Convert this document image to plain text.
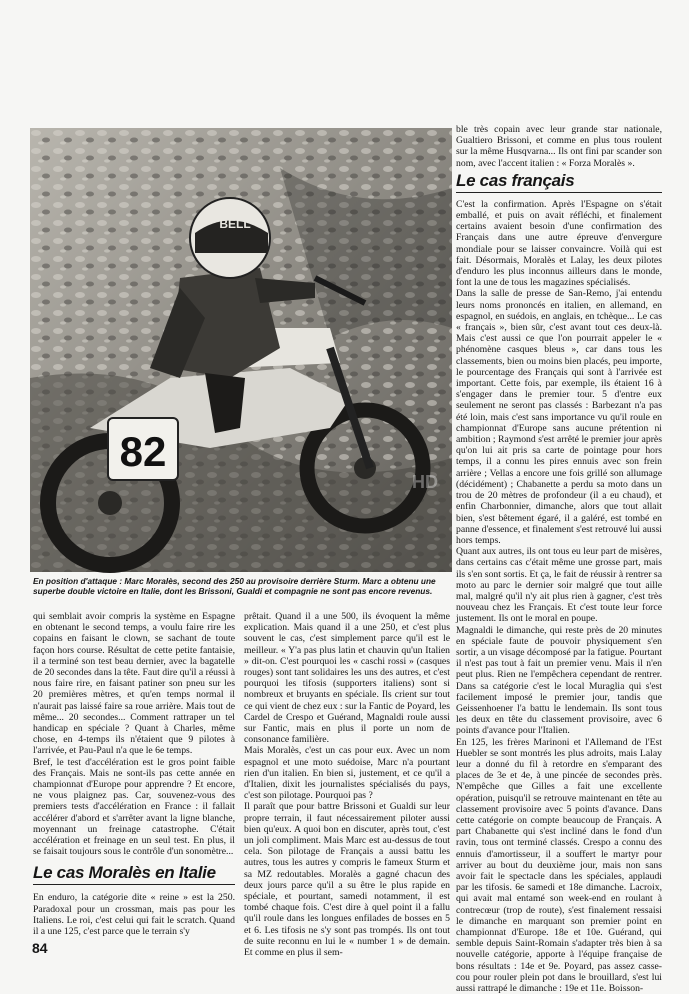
82
BELL
HD

En position d'attaque : Marc Moralès, second des 250 au provisoire derrière Sturm. Marc a obtenu une superbe double victoire en Italie, dont les Brissoni, Gualdi et compagnie ne sont pas encore revenus.

qui semblait avoir compris la système en Espagne en obtenant le second temps, a voulu faire rire les copains en faisant le clown, se sachant de toute façon hors course. Résultat de cette petite fantaisie, il a terminé son test beau dernier, avec la bagatelle de 20 secondes dans la tête. Faut dire qu'il a réussi à nous faire rire, en faisant patiner son pneu sur les 20 premières mètres, et qu'en temps normal il n'aurait pas laissé faire sa roue arrière. Mais tout de même... 20 secondes... Comment rattraper un tel handicap en spéciale ? Quant à Charles, même chose, en 4-temps ils n'étaient que 9 pilotes à l'arrivée, et Pau-Paul n'a que le 6e temps.

Bref, le test d'accélération est le gros point faible des Français. Mais ne sont-ils pas cette année en championnat d'Europe pour apprendre ? Et encore, ne vous plaignez pas. Car, souvenez-vous des premiers tests d'accélération en France : il fallait accélérer d'abord et s'arrêter avant la ligne blanche, moyennant un freinage catastrophe. C'était accélération et freinage en un seul test. En plus, il se faisait toujours sous le contrôle d'un sonomètre...

Le cas Moralès en Italie

En enduro, la catégorie dite « reine » est la 250. Paradoxal pour un crossman, mais pas pour les Italiens. Le roi, c'est celui qui fait le scratch. Quand il a une 125, c'est parce que le terrain s'y

prêtait. Quand il a une 500, ils évoquent la même explication. Mais quand il a une 250, et c'est plus souvent le cas, c'est simplement parce qu'il est le meilleur. « Y'a pas plus latin et chauvin qu'un Italien » dit-on. C'est pourquoi les « caschi rossi » (casques rouges) sont tant solidaires les uns des autres, et c'est pourquoi les tifosis (supporters italiens) sont si nombreux et bruyants en spéciale. Ils crient sur tout ce qui vient de chez eux : sur la Fantic de Poyard, les Cardel de Crespo et Guérand, Magnaldi roule aussi sur Fantic, mais en plus il porte un nom de consonance familière.

Mais Moralès, c'est un cas pour eux. Avec un nom espagnol et une moto suédoise, Marc n'a pourtant rien d'un italien. En bien si, justement, et ce qu'il a d'Italien, dixit les journalistes spécialisés du pays, c'est son pilotage. Pourquoi pas ?

Il paraît que pour battre Brissoni et Gualdi sur leur propre terrain, il faut nécessairement piloter aussi bien qu'eux. A quoi bon en discuter, après tout, c'est un joli compliment. Mais Marc est au-dessus de tout cela. Son pilotage de Français a aussi battu les autres, tous les autres y compris le fameux Sturm et sa MZ redoutables. Moralès a gagné chacun des deux jours parce qu'il a su être le plus rapide en spéciale, et pourtant, samedi notamment, il est tombé chaque fois. C'est dire à quel point il a fallu qu'il roule dans les longues enfilades de bosses en 5 et 6. Les tifosis ne s'y sont pas trompés. Ils ont tout de suite reconnu en lui le « number 1 » de demain. Et comme en plus il sem-

ble très copain avec leur grande star nationale, Gualtiero Brissoni, et comme en plus tous roulent sur la même Husqvarna... Ils ont fini par scander son nom, avec l'accent italien : « Forza Moralès ».

Le cas français

C'est la confirmation. Après l'Espagne on s'était emballé, et puis on avait réfléchi, et finalement certains avaient besoin d'une confirmation des Français dans une autre épreuve d'envergure mondiale pour se laisser convaincre. Voilà qui est fait. Désormais, Moralès et Lalay, les deux pilotes d'enduro les plus inconnus ailleurs dans le monde, font la une de tous les magazines spécialisés.

Dans la salle de presse de San-Remo, j'ai entendu leurs noms prononcés en italien, en allemand, en espagnol, en suédois, en anglais, en tchèque... Le cas « français », bien sûr, c'est avant tout ces deux-là. Mais c'est aussi ce que l'on pourrait appeler le « phénomène casques bleus », car dans tous les classements, bien ou moins bien placés, peu importe, le pourcentage des Français qui sont à l'arrivée est important. Cette fois, par exemple, ils étaient 16 à s'engager dans le premier tour. 5 d'entre eux seulement ne seront pas classés : Barbezant n'a pas été loin, mais c'est sans importance vu qu'il roule en championnat d'Europe sans aucune prétention ni ambition ; Raymond s'est arrêté le premier jour après qu'on lui ait pris sa carte de pointage pour hors temps, il a connu les pires ennuis avec son frein arrière ; Vellas a encore une fois grillé son allumage (décidément) ; Chabanette a perdu sa moto dans un trou de 20 mètres de profondeur (il a eu chaud), et enfin Charbonnier, dimanche, alors que tout allait bien, s'est bêtement égaré, il a galéré, est tombé en panne d'essence, et finalement s'est retrouvé lui aussi hors temps.

Quant aux autres, ils ont tous eu leur part de misères, dans certains cas c'était même une grosse part, mais ils s'en sont sortis. Et ça, le fait de réussir à rentrer sa moto au parc le dernier soir malgré que tout aille mal, malgré qu'il n'y ait plus rien à gagner, c'est très nouveau chez les Français. Et c'est toute leur force justement. Ils ont le moral en poupe.

Magnaldi le dimanche, qui reste près de 20 minutes en spéciale faute de pouvoir physiquement s'en sortir, a un visage décomposé par la fatigue. Pourtant il n'est pas tout à fait un premier venu. Mais il n'en peut plus. Rien ne l'empêchera cependant de rentrer. Dans sa catégorie c'est le local Muraglia qui s'est facilement imposé le premier jour, tandis que Geissenhoener l'a battu le lendemain. Ils sont tous les deux en tête du classement provisoire, avec 6 points d'avance pour l'Italien.

En 125, les frères Marinoni et l'Allemand de l'Est Huebler se sont montrés les plus adroits, mais Lalay leur a donné du fil à retordre en s'emparant des places de 3e et 4e, à une pincée de secondes près. N'empêche que Gilles a fait une excellente opération, puisqu'il se retrouve maintenant en tête au classement provisoire avec 5 points d'avance. Dans cette catégorie on compte beaucoup de Français. A part Chabanette qui s'est incliné dans le fond d'un ravin, tous ont terminé classés. Crespo a connu des ennuis d'amortisseur, il a souffert le martyr pour arriver au bout du deuxième jour, mais non sans avoir fait le spectacle dans les spéciales, applaudi par les tifosis. 6e samedi et 18e dimanche. Lacroix, qui avait mal entamé son week-end en roulant à contrecœur (trop de route), s'est finalement ressaisi le dimanche en marquant son premier point en championnat d'Europe. 18e et 10e. Guérand, qui semble depuis Saint-Romain s'adapter très bien à sa nouvelle catégorie, apporte à l'équipe française de bons résultats : 14e et 9e. Poyard, pas assez casse-cou pour rouler plein pot dans le brouillard, s'est lui aussi rattrapé le dimanche : 19e et 11e. Boisson-

84
